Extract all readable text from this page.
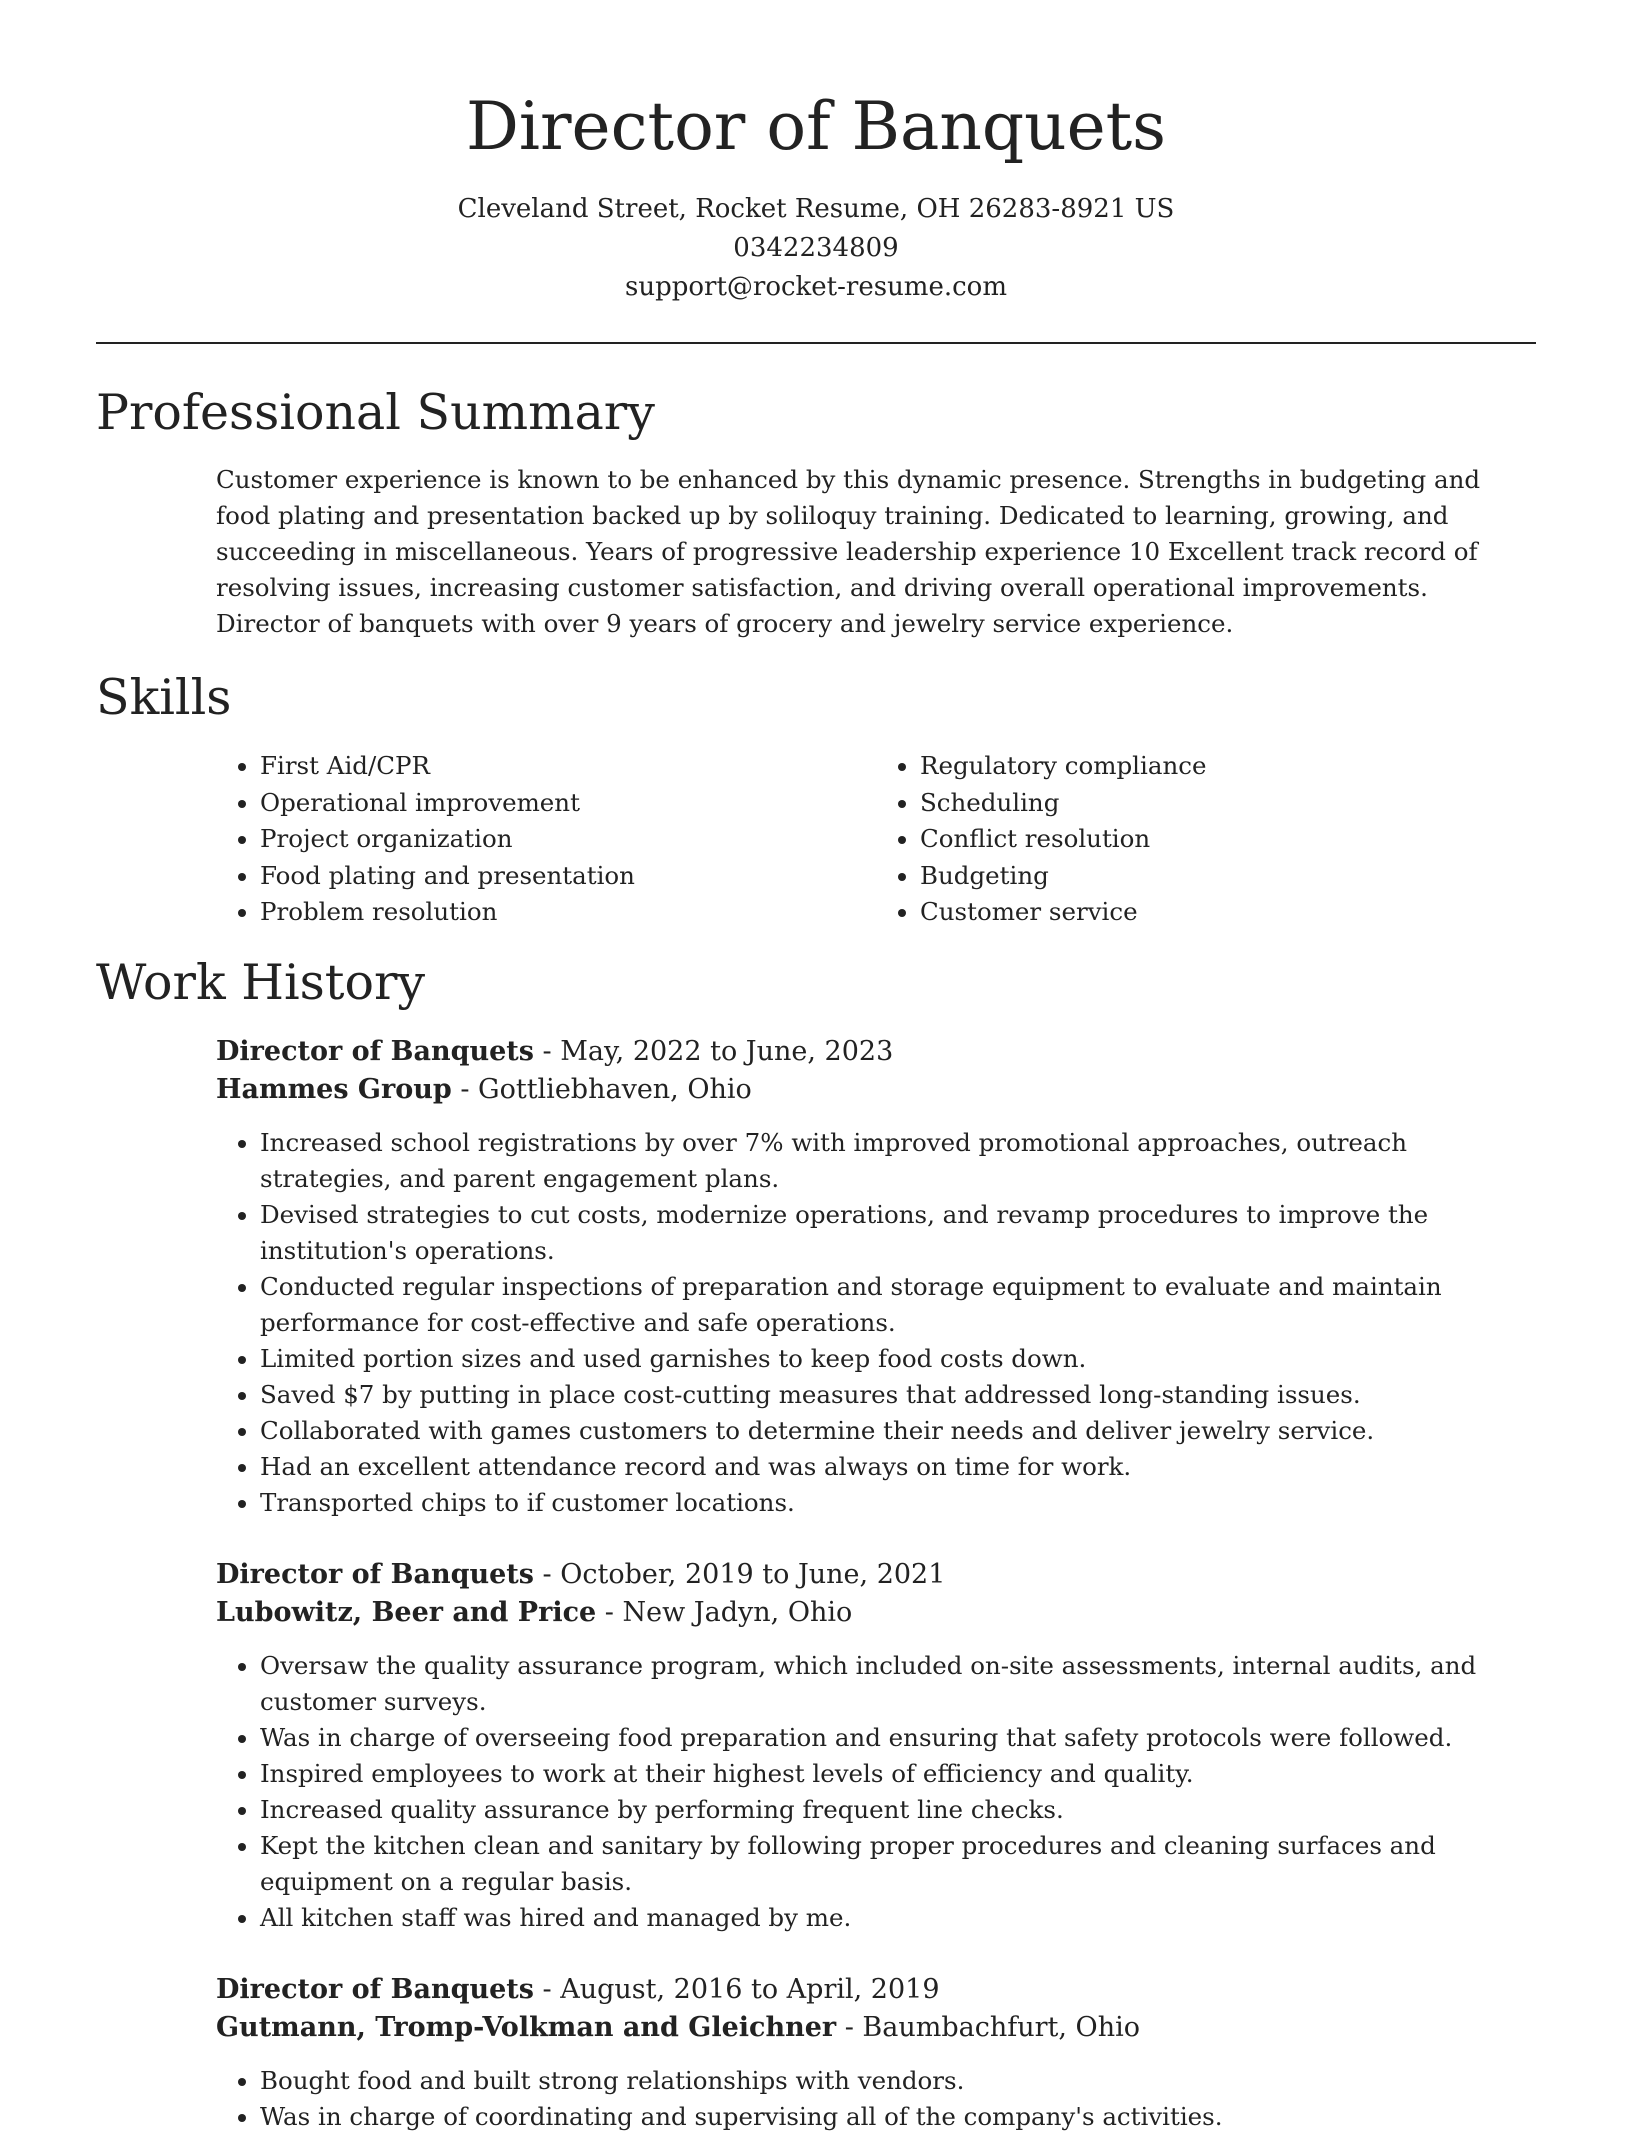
Director of Banquets
Cleveland Street, Rocket Resume, OH 26283-8921 US
0342234809
support@rocket-resume.com
Professional Summary

Customer experience is known to be enhanced by this dynamic presence. Strengths in budgeting and food plating and presentation backed up by soliloquy training. Dedicated to learning, growing, and succeeding in miscellaneous. Years of progressive leadership experience 10 Excellent track record of resolving issues, increasing customer satisfaction, and driving overall operational improvements. Director of banquets with over 9 years of grocery and jewelry service experience.

Skills
• First Aid/CPR
• Operational improvement
• Project organization
• Food plating and presentation
• Problem resolution
• Regulatory compliance
• Scheduling
• Conflict resolution
• Budgeting
• Customer service
Work History
Director of Banquets - May, 2022 to June, 2023
Hammes Group - Gottliebhaven, Ohio
• Increased school registrations by over 7% with improved promotional approaches, outreach strategies, and parent engagement plans.
• Devised strategies to cut costs, modernize operations, and revamp procedures to improve the institution's operations.
• Conducted regular inspections of preparation and storage equipment to evaluate and maintain performance for cost-effective and safe operations.
• Limited portion sizes and used garnishes to keep food costs down.
• Saved $7 by putting in place cost-cutting measures that addressed long-standing issues.
• Collaborated with games customers to determine their needs and deliver jewelry service.
• Had an excellent attendance record and was always on time for work.
• Transported chips to if customer locations.
Director of Banquets - October, 2019 to June, 2021
Lubowitz, Beer and Price - New Jadyn, Ohio
• Oversaw the quality assurance program, which included on-site assessments, internal audits, and customer surveys.
• Was in charge of overseeing food preparation and ensuring that safety protocols were followed.
• Inspired employees to work at their highest levels of efficiency and quality.
• Increased quality assurance by performing frequent line checks.
• Kept the kitchen clean and sanitary by following proper procedures and cleaning surfaces and equipment on a regular basis.
• All kitchen staff was hired and managed by me.
Director of Banquets - August, 2016 to April, 2019
Gutmann, Tromp-Volkman and Gleichner - Baumbachfurt, Ohio
• Bought food and built strong relationships with vendors.
• Was in charge of coordinating and supervising all of the company's activities.
